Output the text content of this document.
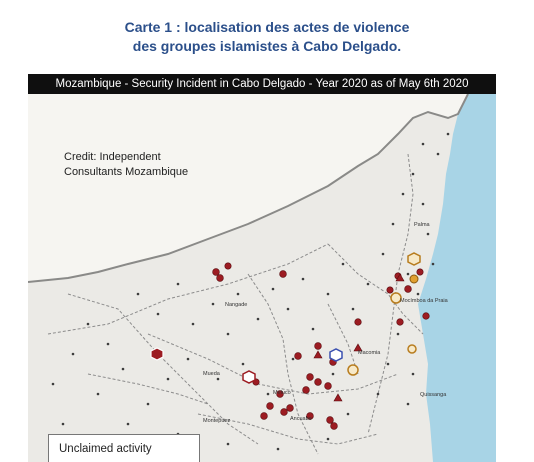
Carte 1 : localisation des actes de violence
des groupes islamistes à Cabo Delgado.
Mozambique - Security Incident in Cabo Delgado - Year 2020 as of May 6th 2020
Palma
Mocímboa da Praia
Mueda
Macomia
Meluco
Ancuabe
Nangade
Montepuez
Quissanga
Credit: Independent
Consultants Mozambique
Unclaimed activity
